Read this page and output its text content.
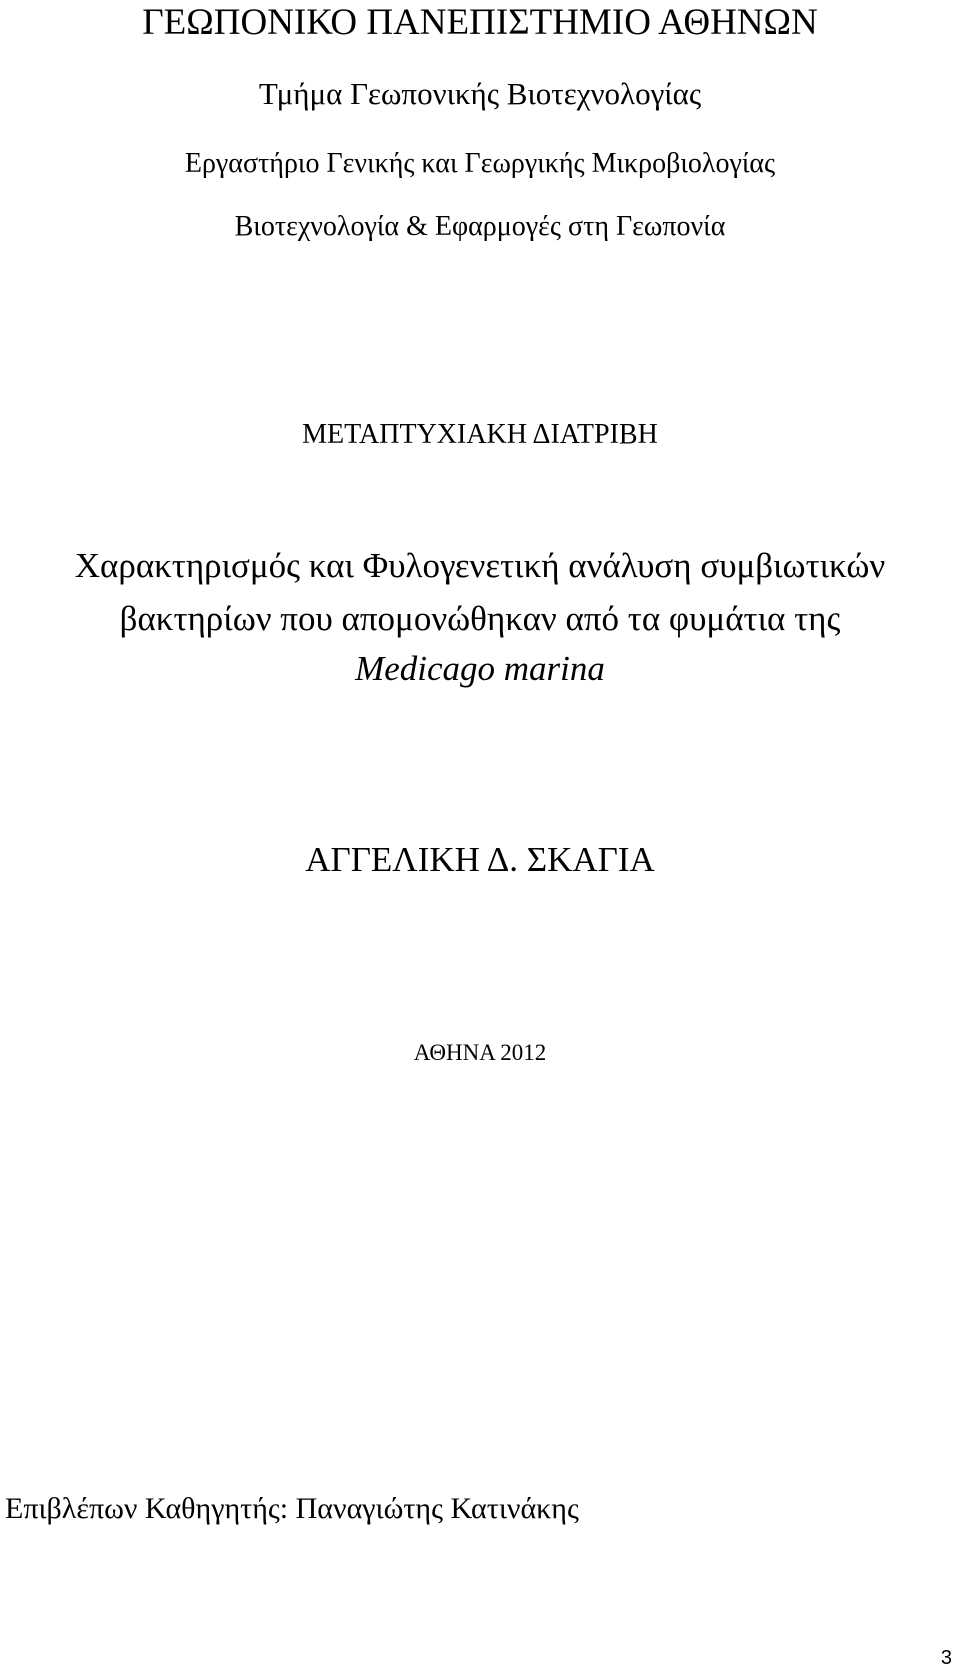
ΓΕΩΠΟΝΙΚΟ ΠΑΝΕΠΙΣΤΗΜΙΟ ΑΘΗΝΩΝ
Τμήμα Γεωπονικής Βιοτεχνολογίας
Εργαστήριο Γενικής και Γεωργικής Μικροβιολογίας
Βιοτεχνολογία & Εφαρμογές στη Γεωπονία
ΜΕΤΑΠΤΥΧΙΑΚΗ ΔΙΑΤΡΙΒΗ
Χαρακτηρισμός και Φυλογενετική ανάλυση συμβιωτικών
βακτηρίων που απομονώθηκαν από τα φυμάτια της
Medicago marina
ΑΓΓΕΛΙΚΗ Δ. ΣΚΑΓΙΑ
ΑΘΗΝΑ 2012
Επιβλέπων Καθηγητής: Παναγιώτης Κατινάκης
3
